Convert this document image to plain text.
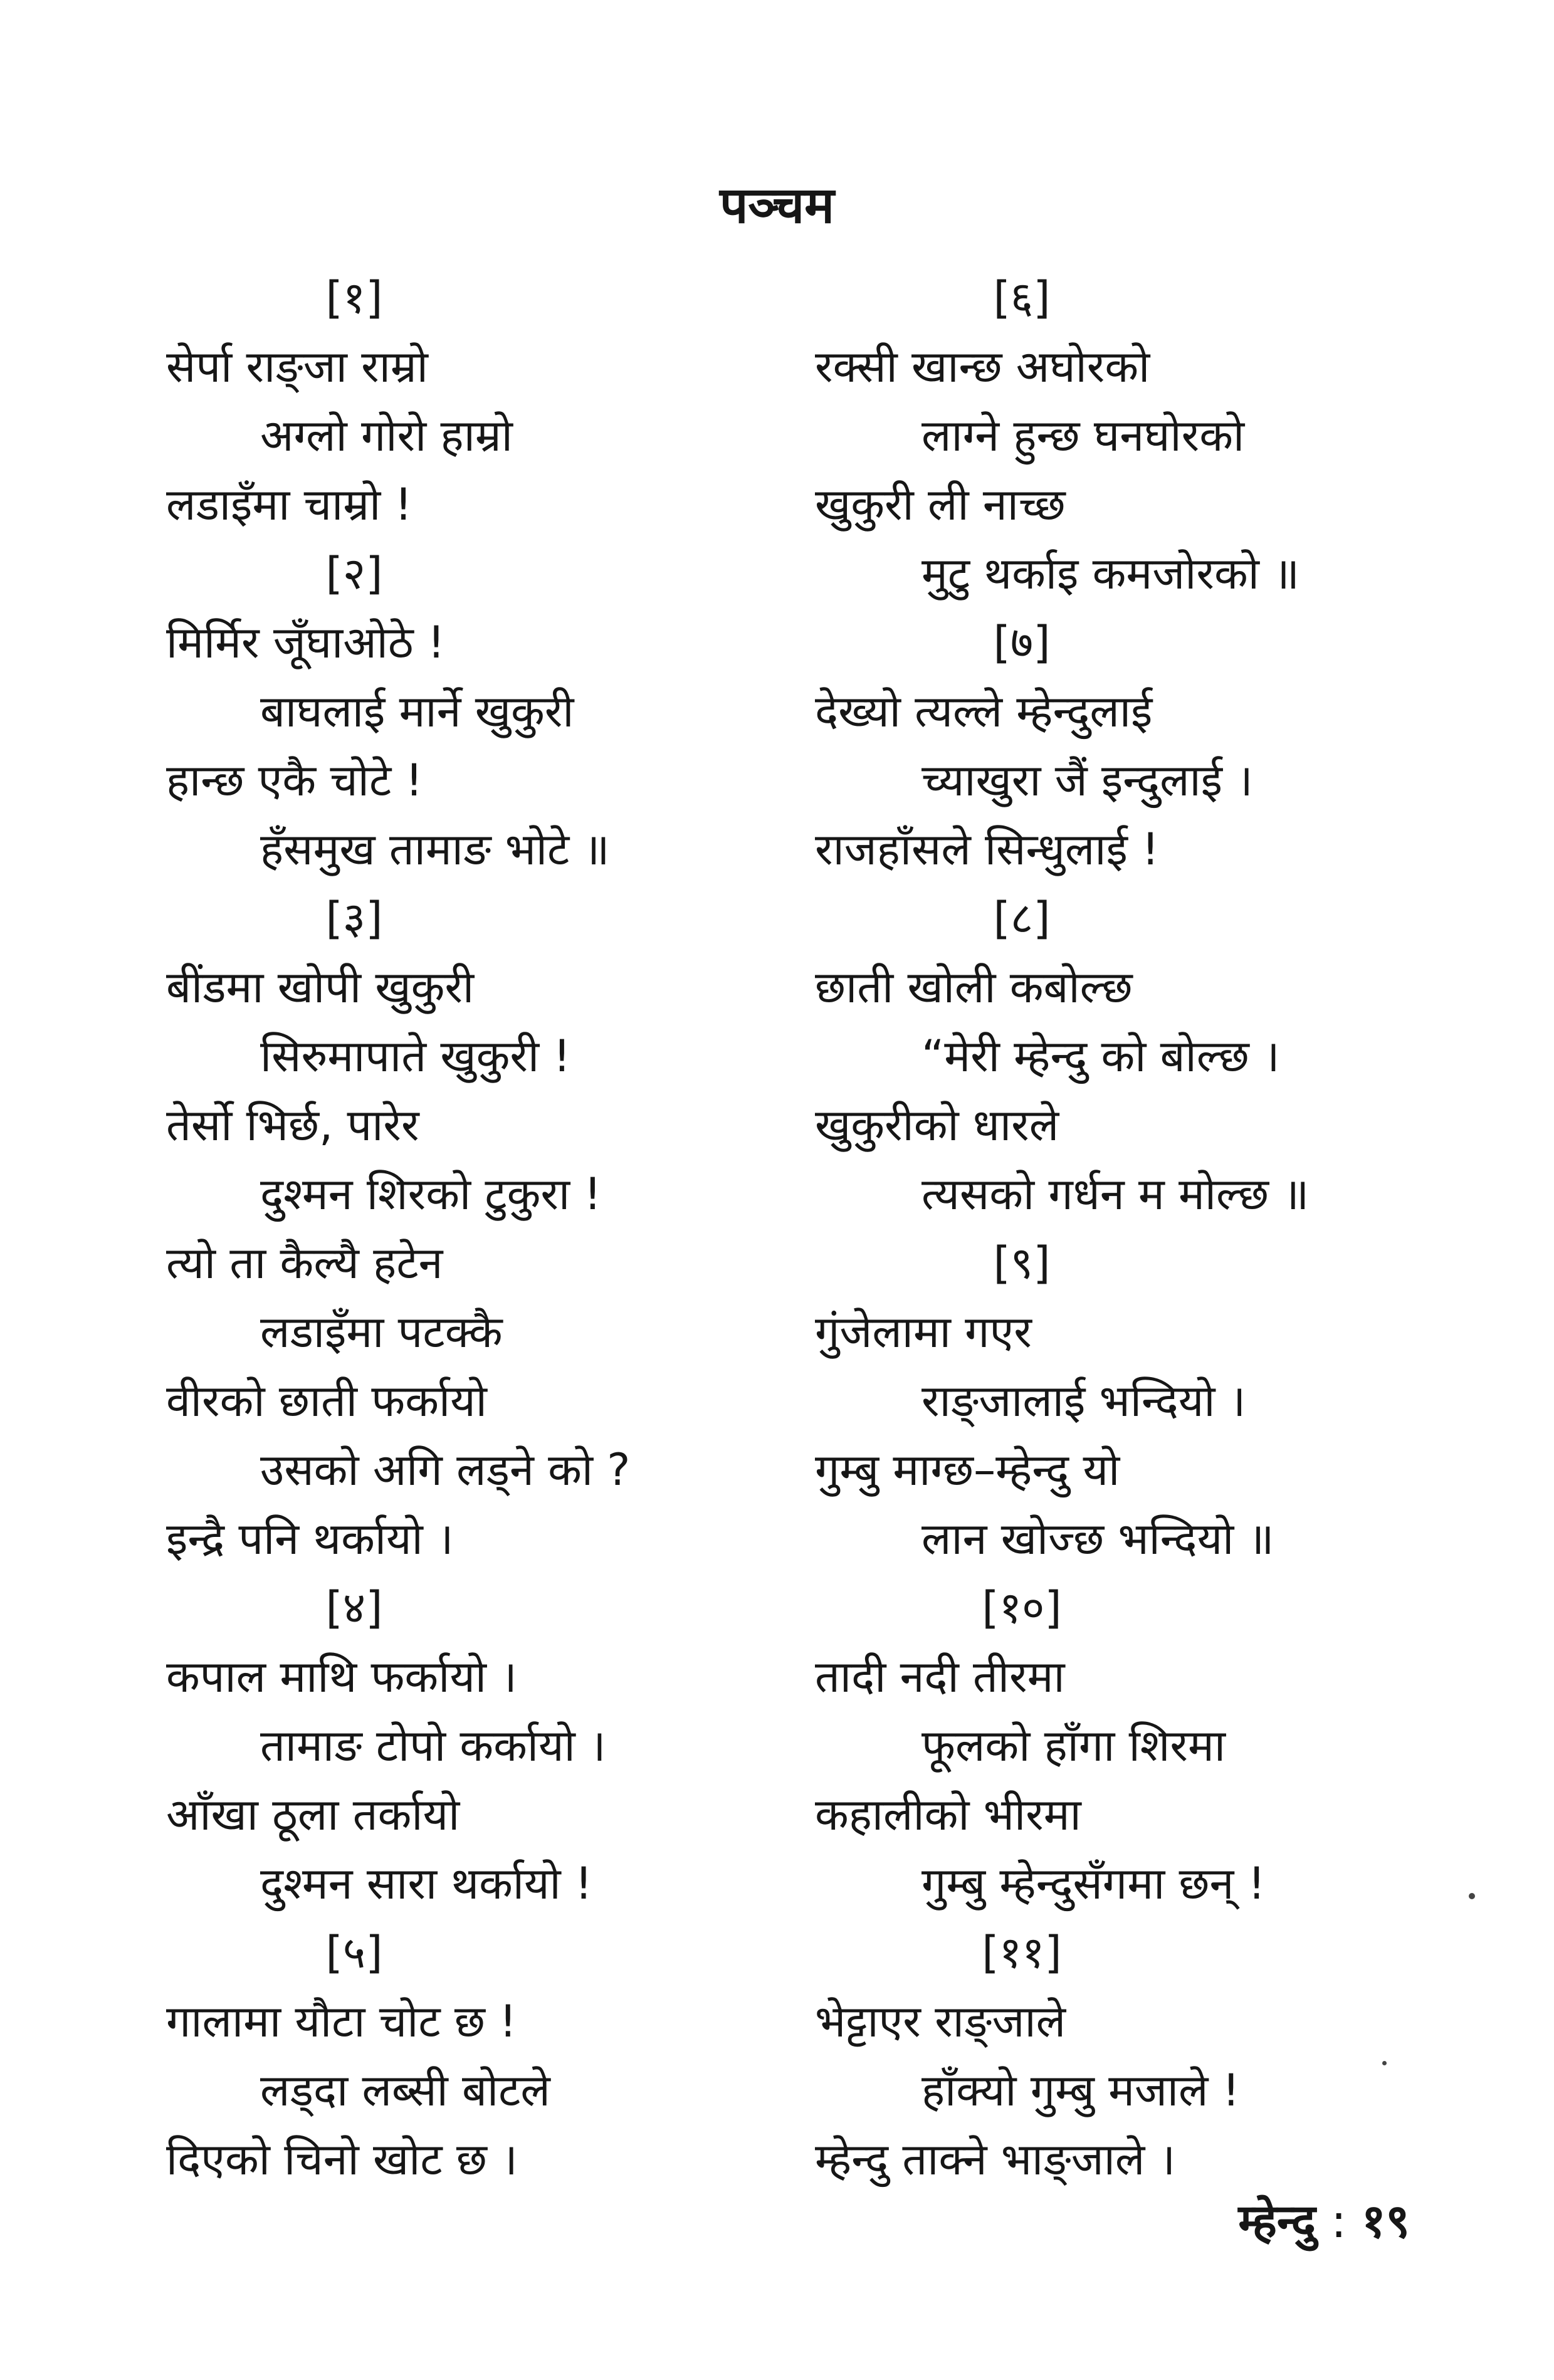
पञ्चम
[१]
सेर्पा राङ्जा राम्रो
अग्लो गोरो हाम्रो
लडाइँमा चाम्रो !
[२]
मिर्मिर जूँघाओठे !
बाघलाई मार्ने खुकुरी
हान्छ एकै चोटे !
हँसमुख तामाङ भोटे ॥
[३]
बींडमा खोपी खुकुरी
सिरुमापाते खुकुरी !
तेर्सो भिर्छ, पारेर
दुश्मन शिरको टुकुरा !
त्यो ता कैल्यै हटेन
लडाइँमा पटक्कै
वीरको छाती फर्कायो
उसको अगि लड्ने को ?
इन्द्रै पनि थर्कायो ।
[४]
कपाल माथि फर्कायो ।
तामाङ टोपो कर्कायो ।
आँखा ठूला तर्कायो
दुश्मन सारा थर्कायो !
[५]
गालामा यौटा चोट छ !
लड्दा लब्सी बोटले
दिएको चिनो खोट छ ।
[६]
रक्सी खान्छ अघोरको
लाग्ने हुन्छ घनघोरको
खुकुरी ली नाच्छ
मुटु थर्काइ कमजोरको ॥
[७]
देख्यो त्यल्ले म्हेन्दुलाई
च्याखुरा जैं इन्दुलाई ।
राजहाँसले सिन्धुलाई !
[८]
छाती खोली कबोल्छ
“मेरी म्हेन्दु को बोल्छ ।
खुकुरीको धारले
त्यसको गर्धन म मोल्छ ॥
[९]
गुंजेलामा गएर
राङ्जालाई भन्दियो ।
गुम्बु माग्छ–म्हेन्दु यो
लान खोज्छ भन्दियो ॥
[१०]
तादी नदी तीरमा
फूलको हाँगा शिरमा
कहालीको भीरमा
गुम्बु म्हेन्दुसँगमा छन् !
[११]
भेट्टाएर राङ्जाले
हाँक्यो गुम्बु मजाले !
म्हेन्दु ताक्ने भाङ्जाले ।
म्हेन्दु : १९
